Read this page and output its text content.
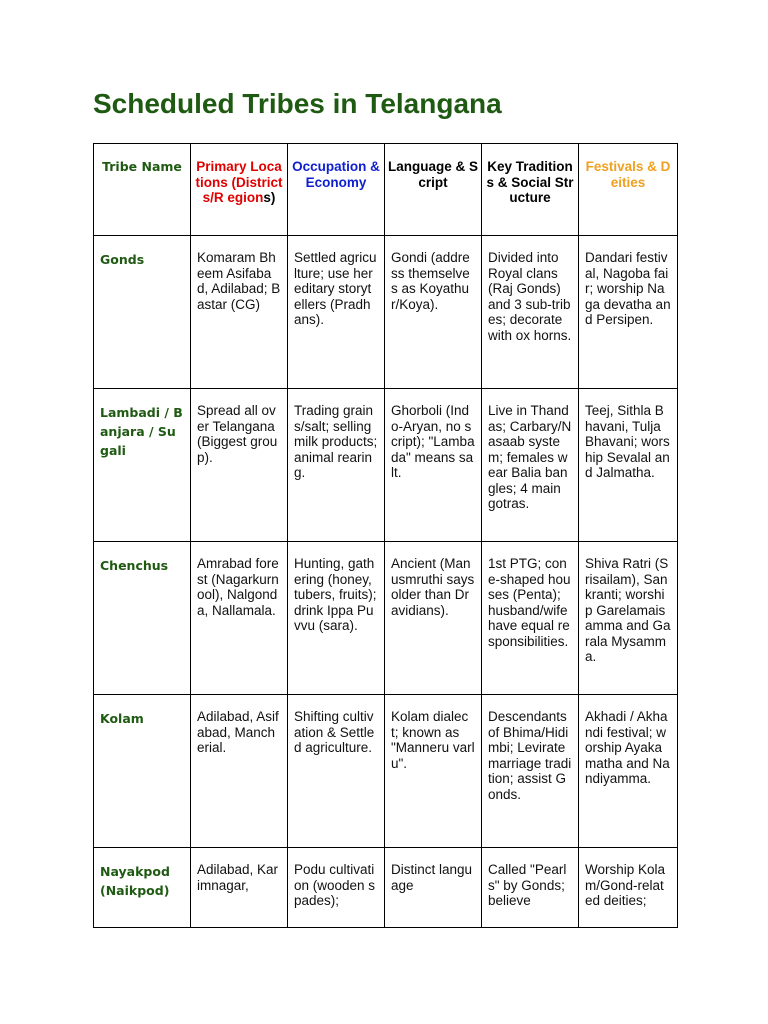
Scheduled Tribes in Telangana
Tribe Name	Primary Locations (Districts/R egions)	Occupation & Economy	Language & Script	Key Traditions & Social Structure	Festivals & Deities
Gonds	Komaram Bheem Asifabad, Adilabad; Bastar (CG)	Settled agriculture; use hereditary storytellers (Pradhans).	Gondi (address themselves as Koyathur/Koya).	Divided into Royal clans (Raj Gonds) and 3 sub-tribes; decorate with ox horns.	Dandari festival, Nagoba fair; worship Naga devatha and Persipen.
Lambadi / Banjara / Sugali	Spread all over Telangana (Biggest group).	Trading grains/salt; selling milk products; animal rearing.	Ghorboli (Indo-Aryan, no script); "Lambada" means salt.	Live in Thandas; Carbary/Nasaab system; females wear Balia bangles; 4 main gotras.	Teej, Sithla Bhavani, Tulja Bhavani; worship Sevalal and Jalmatha.
Chenchus	Amrabad forest (Nagarkurnool), Nalgonda, Nallamala.	Hunting, gathering (honey, tubers, fruits); drink Ippa Puvvu (sara).	Ancient (Manusmruthi says older than Dravidians).	1st PTG; cone-shaped houses (Penta); husband/wife have equal responsibilities.	Shiva Ratri (Srisailam), Sankranti; worship Garelamaisamma and Garala Mysamma.
Kolam	Adilabad, Asifabad, Mancherial.	Shifting cultivation & Settled agriculture.	Kolam dialect; known as "Manneru varlu".	Descendants of Bhima/Hidimbi; Levirate marriage tradition; assist Gonds.	Akhadi / Akhandi festival; worship Ayakamatha and Nandiyamma.
Nayakpod (Naikpod)	Adilabad, Karimnagar,	Podu cultivation (wooden spades);	Distinct language	Called "Pearls" by Gonds; believe	Worship Kolam/Gond-related deities;
